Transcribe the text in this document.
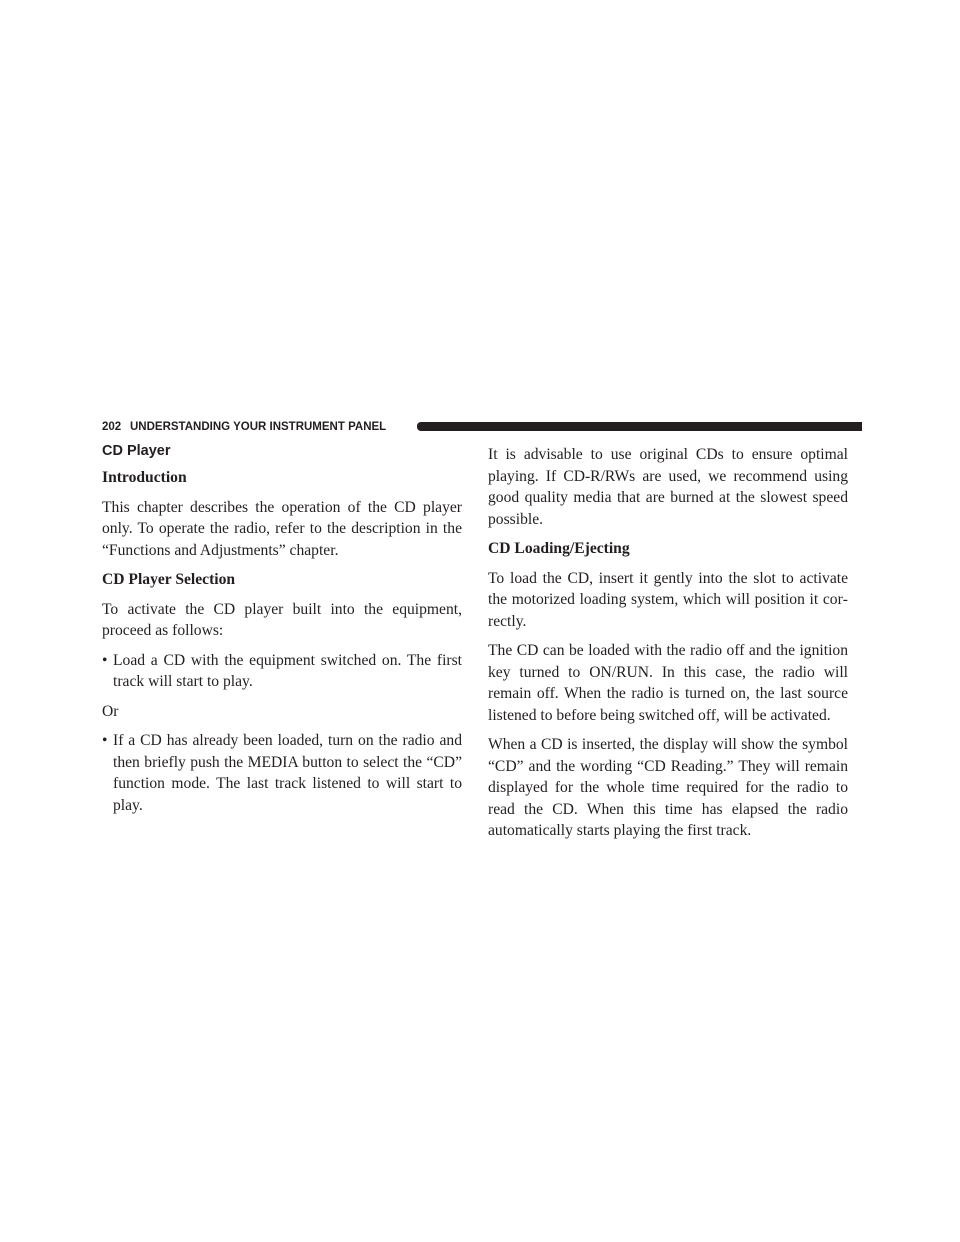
202 UNDERSTANDING YOUR INSTRUMENT PANEL
CD Player
Introduction

This chapter describes the operation of the CD player only. To operate the radio, refer to the description in the “Functions and Adjustments” chapter.

CD Player Selection

To activate the CD player built into the equipment, proceed as follows:

• Load a CD with the equipment switched on. The first track will start to play.

Or

• If a CD has already been loaded, turn on the radio and then briefly push the MEDIA button to select the “CD” function mode. The last track listened to will start to play.

It is advisable to use original CDs to ensure optimal playing. If CD-R/RWs are used, we recommend using good quality media that are burned at the slowest speed possible.

CD Loading/Ejecting

To load the CD, insert it gently into the slot to activate the motorized loading system, which will position it correctly.

The CD can be loaded with the radio off and the ignition key turned to ON/RUN. In this case, the radio will remain off. When the radio is turned on, the last source listened to before being switched off, will be activated.

When a CD is inserted, the display will show the symbol “CD” and the wording “CD Reading.” They will remain displayed for the whole time required for the radio to read the CD. When this time has elapsed the radio automatically starts playing the first track.
